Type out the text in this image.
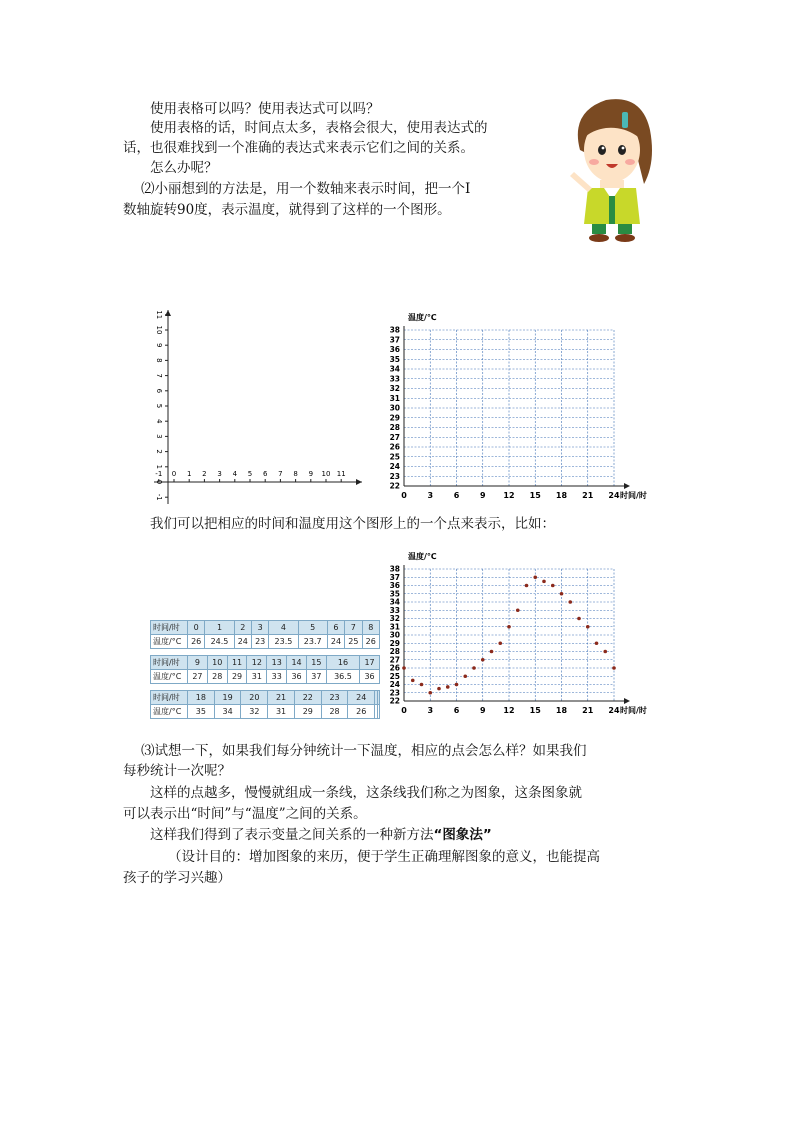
使用表格可以吗？使用表达式可以吗？
使用表格的话，时间点太多，表格会很大，使用表达式的
话，也很难找到一个准确的表达式来表示它们之间的关系。
怎么办呢？
⑵小丽想到的方法是，用一个数轴来表示时间，把一个Ⅰ
数轴旋转90度，表示温度，就得到了这样的一个图形。
-1 0 1 2 3 4 5 6 7 8 9 10 11
-1
0
1
2
3
4
5
6
7
8
9
10
11	温度/℃
时间/时
0	3	6	9 12 15 18 21 24
22
23
24
25
26
27
28
29
30
31
32
33
34
35
36
37
38
我们可以把相应的时间和温度用这个图形上的一个点来表示，比如：
时间/时	0	1	2	3	4	5	6	7	8
温度/°C	26	24.5	24	23	23.5	23.7	24	25	26
时间/时	9	10	11	12	13	14	15	16	17
温度/°C	27	28	29	31	33	36	37	36.5	36
时间/时	18	19	20	21	22	23	24		
温度/°C	35	34	32	31	29	28	26		
温度/℃
时间/时
0	3	6	9 12 15 18 21 24
22
23
24
25
26
27
28
29
30
31
32
33
34
35
36
37
38
⑶试想一下，如果我们每分钟统计一下温度，相应的点会怎么样？如果我们
每秒统计一次呢？
这样的点越多，慢慢就组成一条线，这条线我们称之为图象，这条图象就
可以表示出“时间”与“温度”之间的关系。
这样我们得到了表示变量之间关系的一种新方法“图象法”
（设计目的：增加图象的来历，便于学生正确理解图象的意义，也能提高
孩子的学习兴趣）
